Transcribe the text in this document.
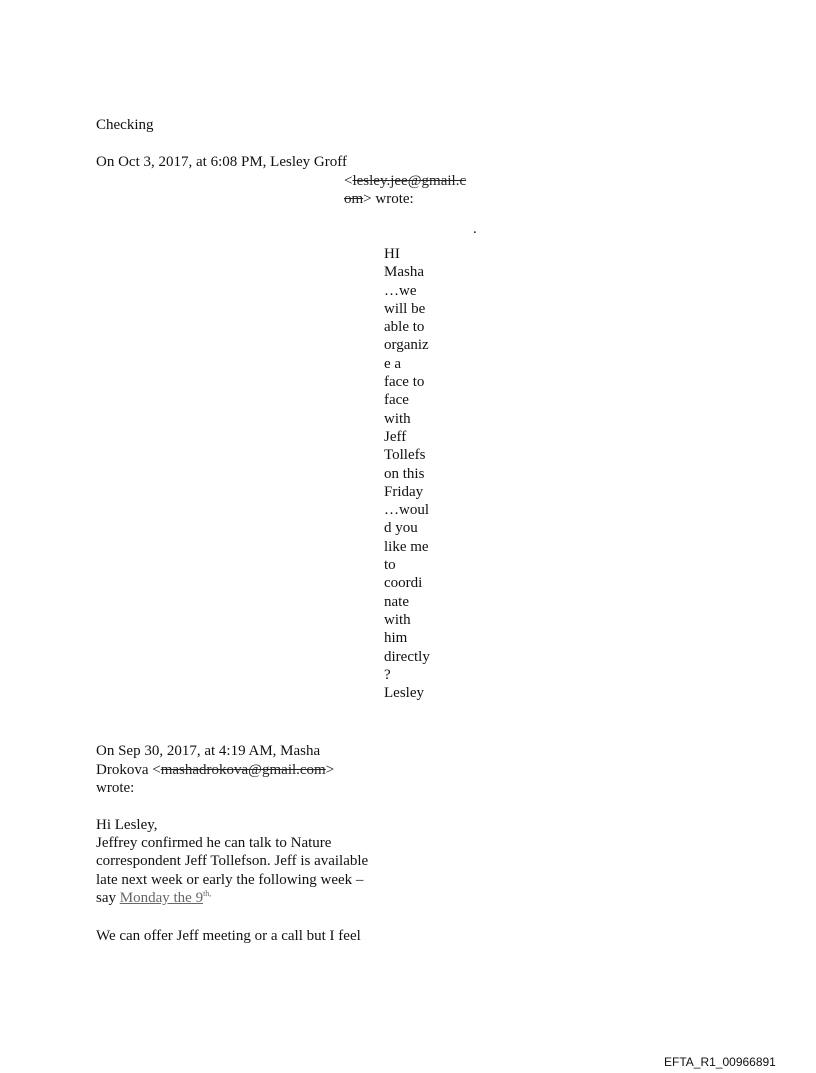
Checking
On Oct 3, 2017, at 6:08 PM, Lesley Groff
<lesley.jee@gmail.c
om> wrote:
.
HI
Masha
…we
will be
able to
organiz
e a
face to
face
with
Jeff
Tollefs
on this
Friday
…woul
d you
like me
to
coordi
nate
with
him
directly
?
Lesley
On Sep 30, 2017, at 4:19 AM, Masha
Drokova <mashadrokova@gmail.com>
wrote:
Hi Lesley,
Jeffrey confirmed he can talk to Nature
correspondent Jeff Tollefson. Jeff is available
late next week or early the following week –
say Monday the $9^{th,}$
We can offer Jeff meeting or a call but I feel
EFTA_R1_00966891
